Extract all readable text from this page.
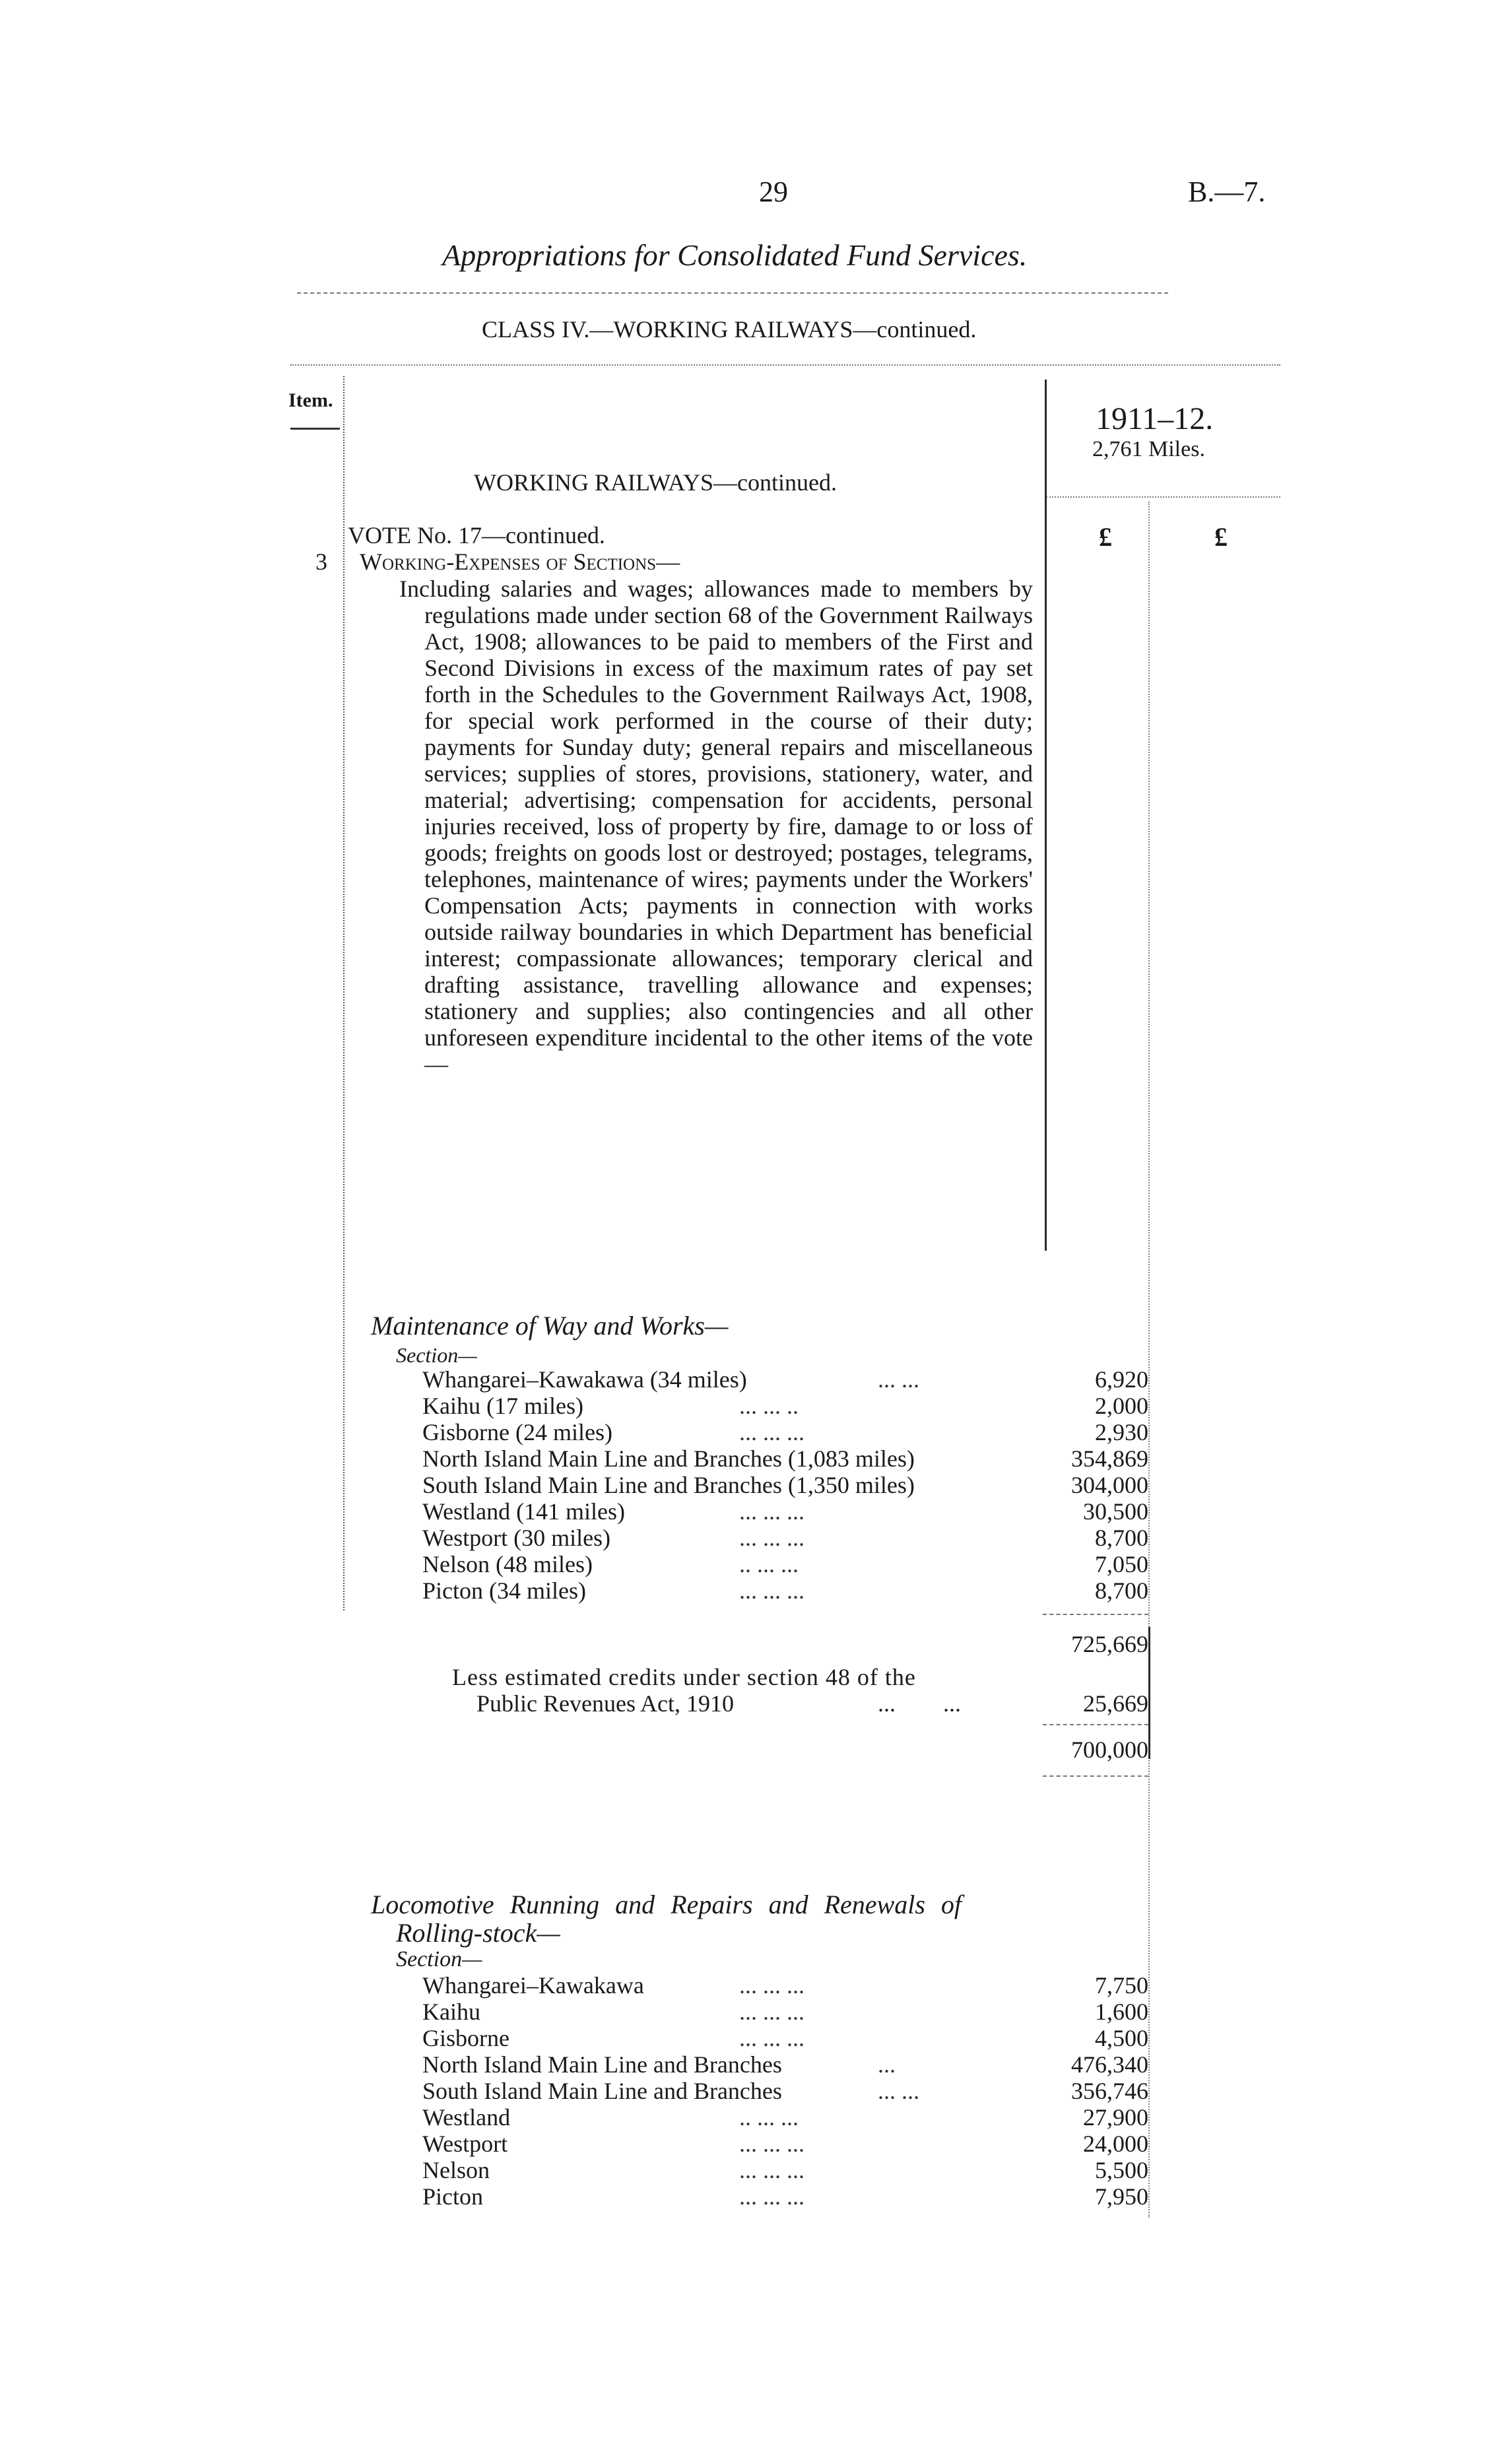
29	B.—7.
Appropriations for Consolidated Fund Services.
CLASS IV.—WORKING RAILWAYS—continued.
Item.
1911–12.
2,761 Miles.
WORKING RAILWAYS—continued.
VOTE No. 17—continued.	£	£
3 Working-Expenses of Sections—

Including salaries and wages; allowances made to members by regulations made under section 68 of the Government Railways Act, 1908; allowances to be paid to members of the First and Second Divisions in excess of the maximum rates of pay set forth in the Schedules to the Government Railways Act, 1908, for special work performed in the course of their duty; payments for Sunday duty; general repairs and miscellaneous services; supplies of stores, provisions, stationery, water, and material; advertising; compensation for accidents, personal injuries received, loss of property by fire, damage to or loss of goods; freights on goods lost or destroyed; postages, telegrams, telephones, maintenance of wires; payments under the Workers' Compensation Acts; payments in connection with works outside railway boundaries in which Department has beneficial interest; compassionate allowances; temporary clerical and drafting assistance, travelling allowance and expenses; stationery and supplies; also contingencies and all other unforeseen expenditure incidental to the other items of the vote—

Maintenance of Way and Works—
Section—
Whangarei–Kawakawa (34 miles)	... ...	6,920
Kaihu (17 miles)	... ... ..	2,000
Gisborne (24 miles)	... ... ...	2,930
North Island Main Line and Branches (1,083 miles)	354,869
South Island Main Line and Branches (1,350 miles)	304,000
Westland (141 miles)	... ... ...	30,500
Westport (30 miles)	... ... ...	8,700
Nelson (48 miles)	.. ... ...	7,050
Picton (34 miles)	... ... ...	8,700
725,669
Less estimated credits under section 48 of the
Public Revenues Act, 1910	...        ...	25,669
700,000
Locomotive Running and Repairs and Renewals of
Rolling-stock—
Section—
Whangarei–Kawakawa	... ... ...	7,750
Kaihu	... ... ...	1,600
Gisborne	... ... ...	4,500
North Island Main Line and Branches	...	476,340
South Island Main Line and Branches	... ...	356,746
Westland	.. ... ...	27,900
Westport	... ... ...	24,000
Nelson	... ... ...	5,500
Picton	... ... ...	7,950
